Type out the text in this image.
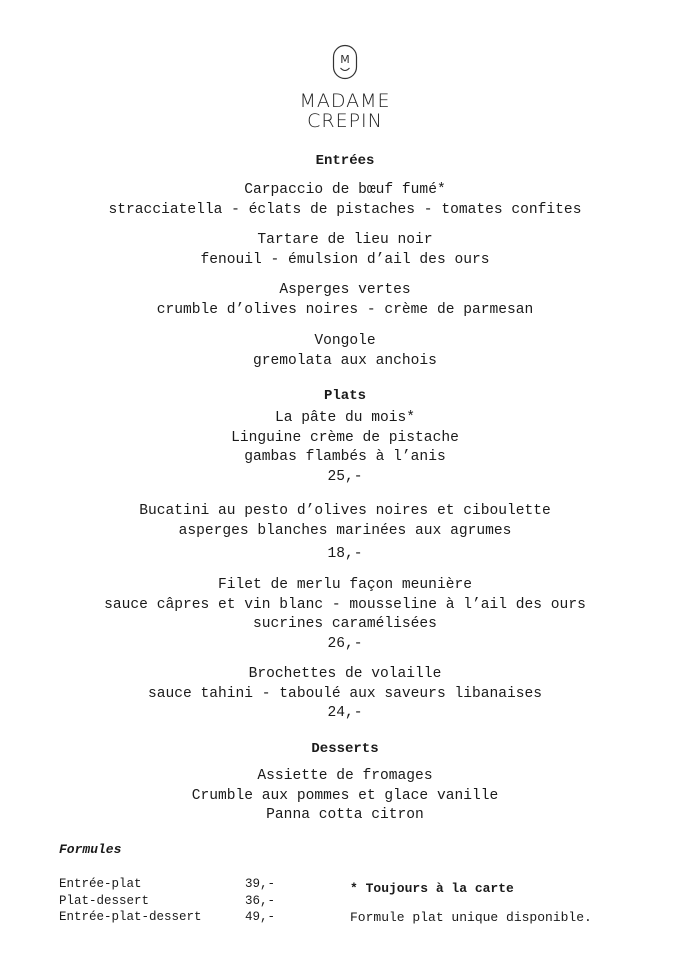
M
MADAME
CREPIN
Entrées
Carpaccio de bœuf fumé*
stracciatella - éclats de pistaches - tomates confites
Tartare de lieu noir
fenouil - émulsion d’ail des ours
Asperges vertes
crumble d’olives noires - crème de parmesan
Vongole
gremolata aux anchois
Plats
La pâte du mois*
Linguine crème de pistache
gambas flambés à l’anis
25,-
Bucatini au pesto d’olives noires et ciboulette
asperges blanches marinées aux agrumes
18,-
Filet de merlu façon meunière
sauce câpres et vin blanc - mousseline à l’ail des ours
sucrines caramélisées
26,-
Brochettes de volaille
sauce tahini - taboulé aux saveurs libanaises
24,-
Desserts
Assiette de fromages
Crumble aux pommes et glace vanille
Panna cotta citron
Formules
Entrée-plat	39,-
Plat-dessert	36,-
Entrée-plat-dessert	49,-
* Toujours à la carte
Formule plat unique disponible.
